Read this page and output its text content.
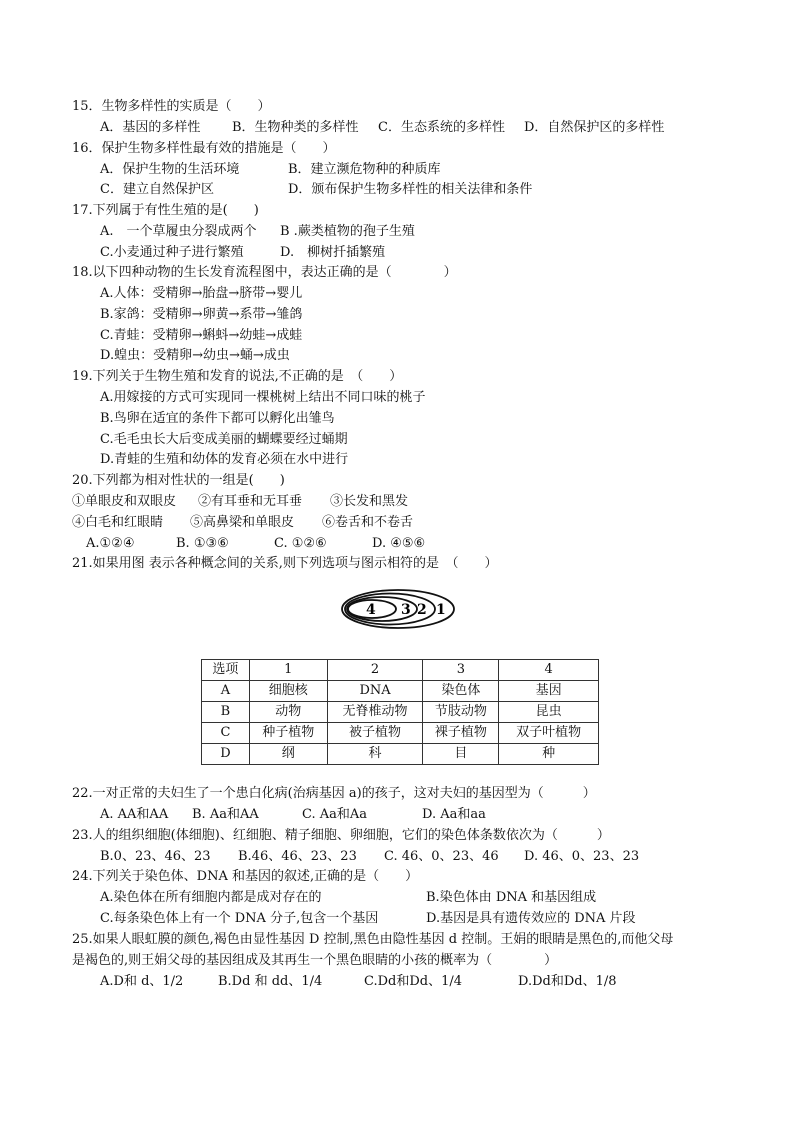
15．生物多样性的实质是（　　）
A．基因的多样性 B．生物种类的多样性 C．生态系统的多样性 D．自然保护区的多样性
16．保护生物多样性最有效的措施是（　　）
A．保护生物的生活环境	B．建立濒危物种的种质库
C．建立自然保护区	D．颁布保护生物多样性的相关法律和条件
17.下列属于有性生殖的是(　　)
A.　一个草履虫分裂成两个 B .蕨类植物的孢子生殖
C.小麦通过种子进行繁殖	D.　柳树扦插繁殖
18.以下四种动物的生长发育流程图中，表达正确的是（　　　　）
A.人体：受精卵→胎盘→脐带→婴儿
B.家鸽：受精卵→卵黄→系带→雏鸽
C.青蛙：受精卵→蝌蚪→幼蛙→成蛙
D.蝗虫：受精卵→幼虫→蛹→成虫
19.下列关于生物生殖和发育的说法,不正确的是　（　　）
A.用嫁接的方式可实现同一棵桃树上结出不同口味的桃子
B.鸟卵在适宜的条件下都可以孵化出雏鸟
C.毛毛虫长大后变成美丽的蝴蝶要经过蛹期
D.青蛙的生殖和幼体的发育必须在水中进行
20.下列都为相对性状的一组是(　　)
①单眼皮和双眼皮 ②有耳垂和无耳垂 ③长发和黑发
④白毛和红眼睛 ⑤高鼻梁和单眼皮 ⑥卷舌和不卷舌
A.①②④	B. ①③⑥	C. ①②⑥	D. ④⑤⑥
21.如果用图 表示各种概念间的关系,则下列选项与图示相符的是　（　　）
4 3 2 1
选项	1	2	3	4
A	细胞核	DNA	染色体	基因
B	动物	无脊椎动物	节肢动物	昆虫
C	种子植物	被子植物	裸子植物	双子叶植物
D	纲	科	目	种
22.一对正常的夫妇生了一个患白化病(治病基因 a)的孩子，这对夫妇的基因型为（　　　）
A. AA和AA B. Aa和AA	C. Aa和Aa	D. Aa和aa
23.人的组织细胞(体细胞)、红细胞、精子细胞、卵细胞，它们的染色体条数依次为（　　　）
B.0、23、46、23 B.46、46、23、23 C. 46、0、23、46 D. 46、0、23、23
24.下列关于染色体、DNA 和基因的叙述,正确的是（　　）
A.染色体在所有细胞内都是成对存在的	B.染色体由 DNA 和基因组成
C.每条染色体上有一个 DNA 分子,包含一个基因	D.基因是具有遗传效应的 DNA 片段
25.如果人眼虹膜的颜色,褐色由显性基因 D 控制,黑色由隐性基因 d 控制。王娟的眼睛是黑色的,而他父母
是褐色的,则王娟父母的基因组成及其再生一个黑色眼睛的小孩的概率为（　　　　）
A.D和 d、1/2	B.Dd 和 dd、1/4	C.Dd和Dd、1/4	D.Dd和Dd、1/8
